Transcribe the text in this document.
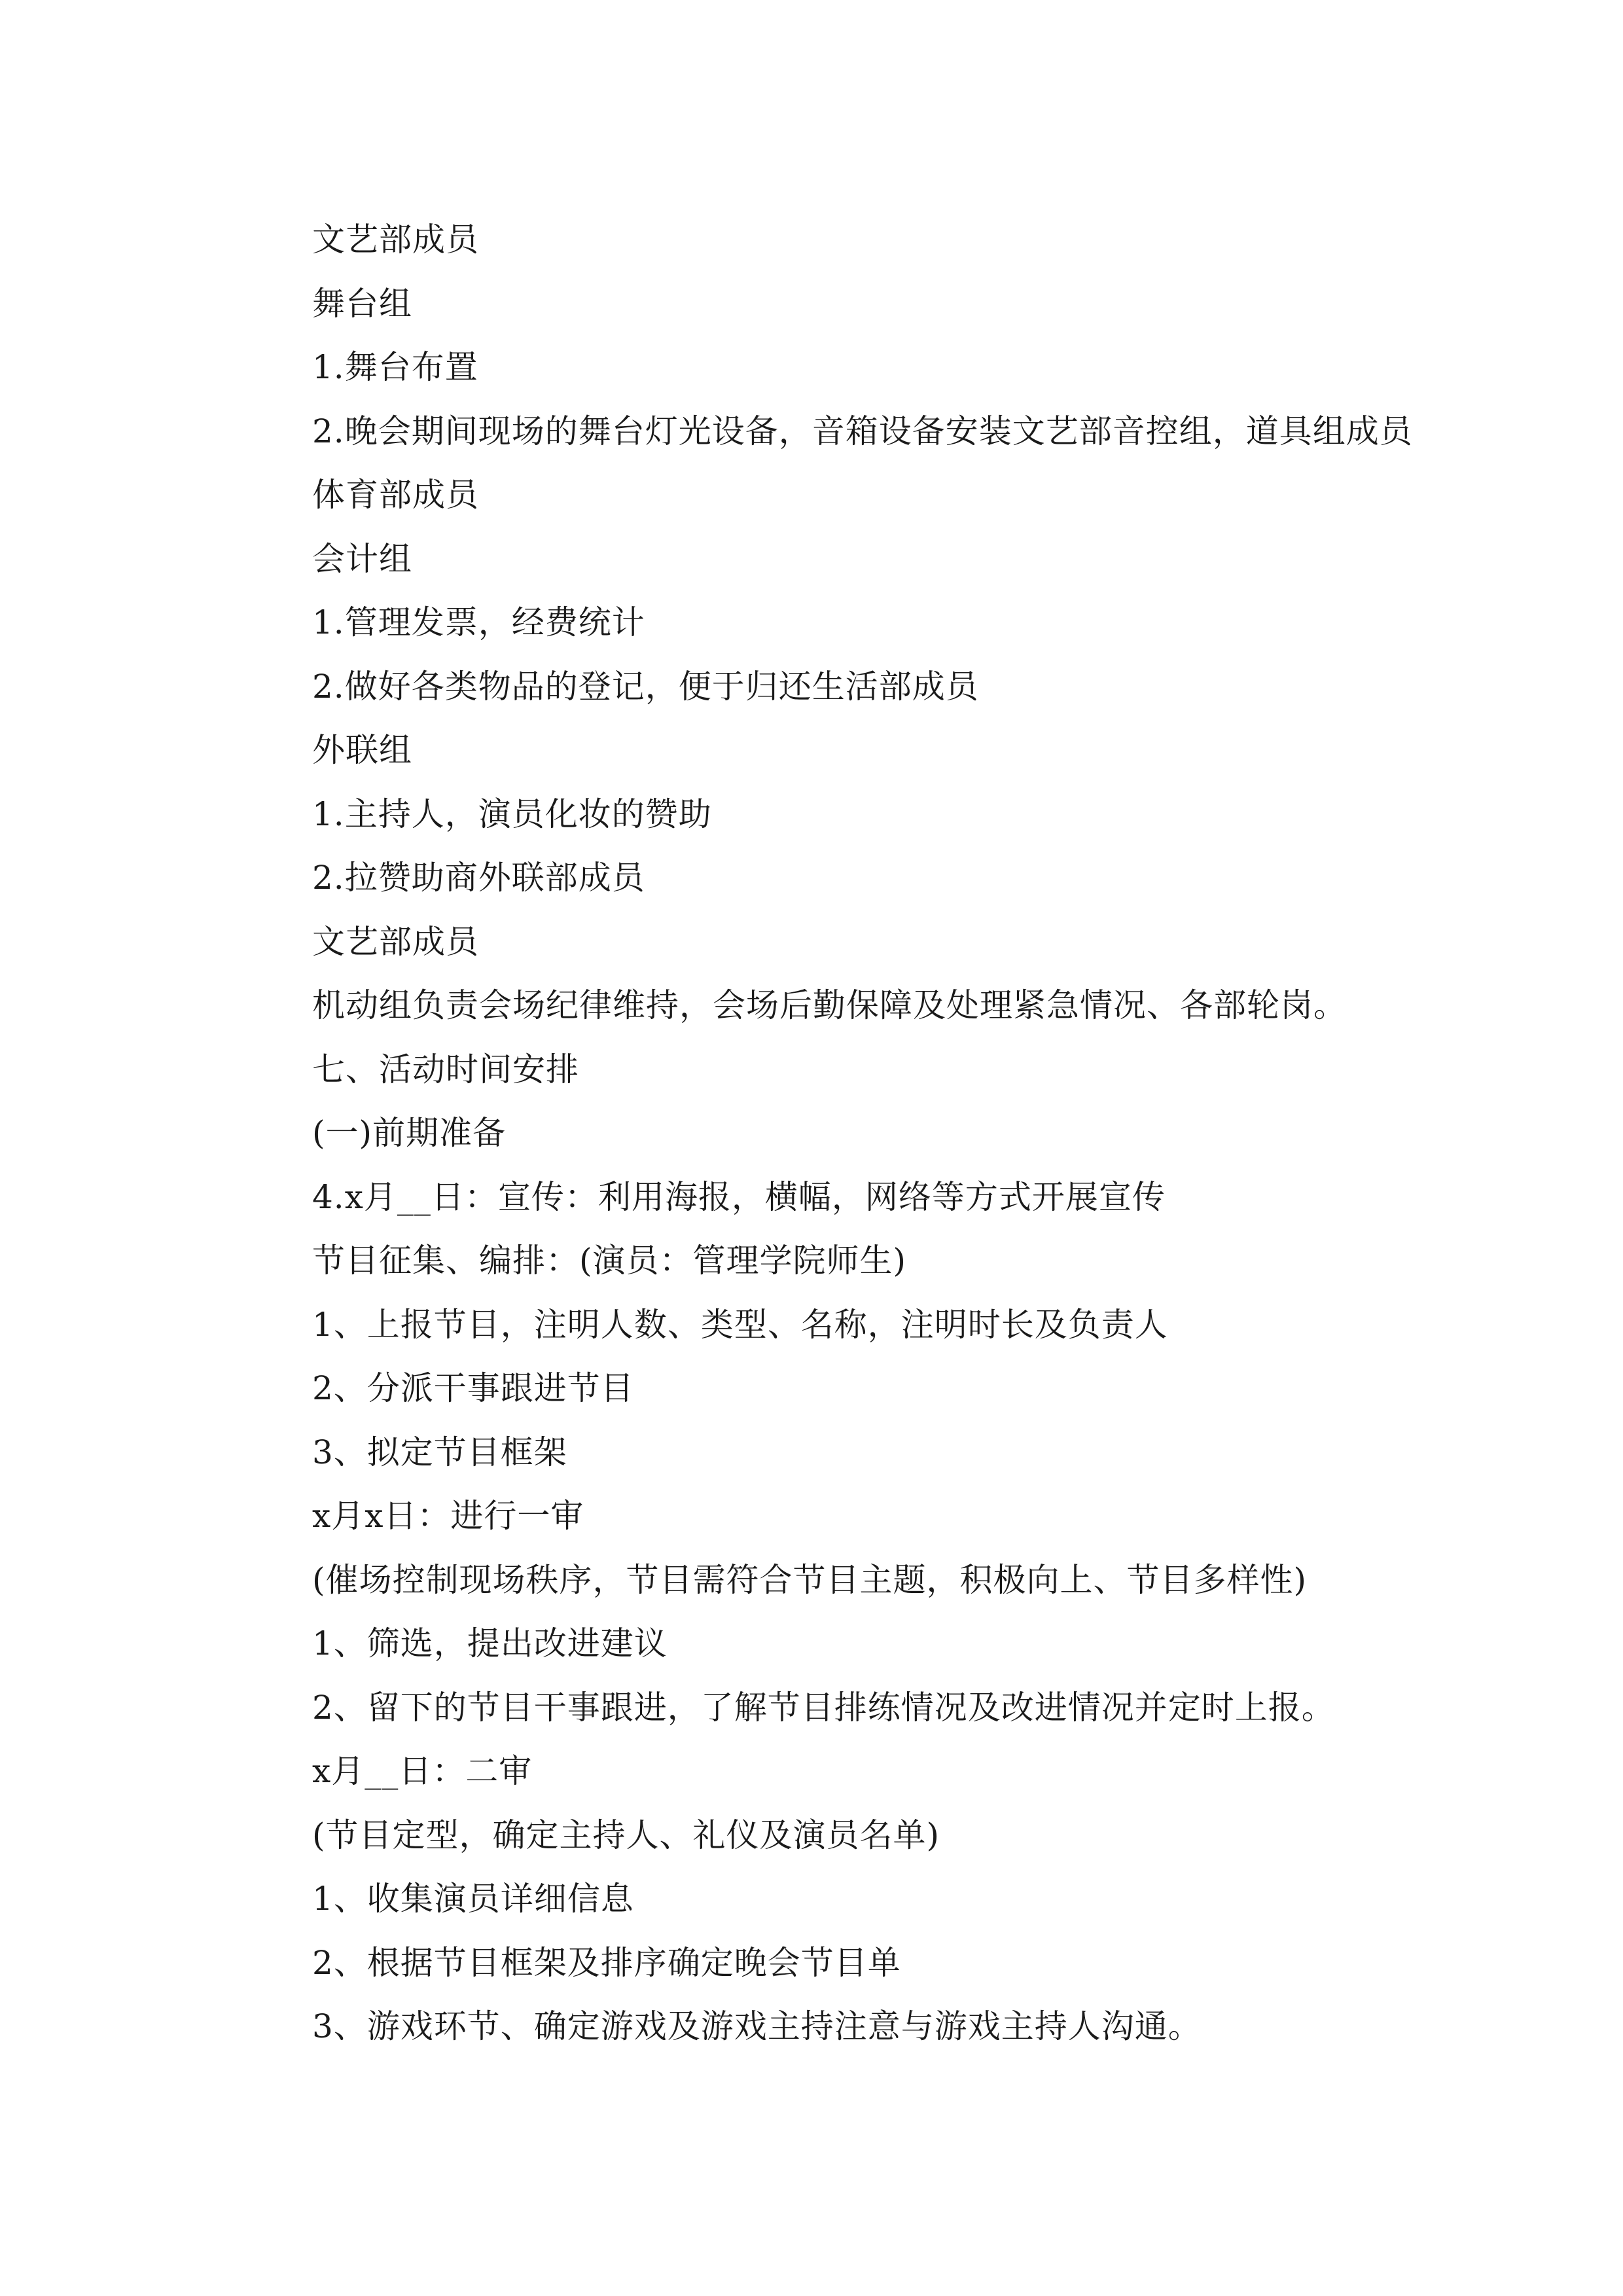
文艺部成员
舞台组
1.舞台布置
2.晚会期间现场的舞台灯光设备，音箱设备安装文艺部音控组，道具组成员
体育部成员
会计组
1.管理发票，经费统计
2.做好各类物品的登记，便于归还生活部成员
外联组
1.主持人，演员化妆的赞助
2.拉赞助商外联部成员
文艺部成员
机动组负责会场纪律维持，会场后勤保障及处理紧急情况、各部轮岗。
七、活动时间安排
(一)前期准备
4.x月__日：宣传：利用海报，横幅，网络等方式开展宣传
节目征集、编排：(演员：管理学院师生)
1、上报节目，注明人数、类型、名称，注明时长及负责人
2、分派干事跟进节目
3、拟定节目框架
x月x日：进行一审
(催场控制现场秩序，节目需符合节目主题，积极向上、节目多样性)
1、筛选，提出改进建议
2、留下的节目干事跟进，了解节目排练情况及改进情况并定时上报。
x月__日：二审
(节目定型，确定主持人、礼仪及演员名单)
1、收集演员详细信息
2、根据节目框架及排序确定晚会节目单
3、游戏环节、确定游戏及游戏主持注意与游戏主持人沟通。
